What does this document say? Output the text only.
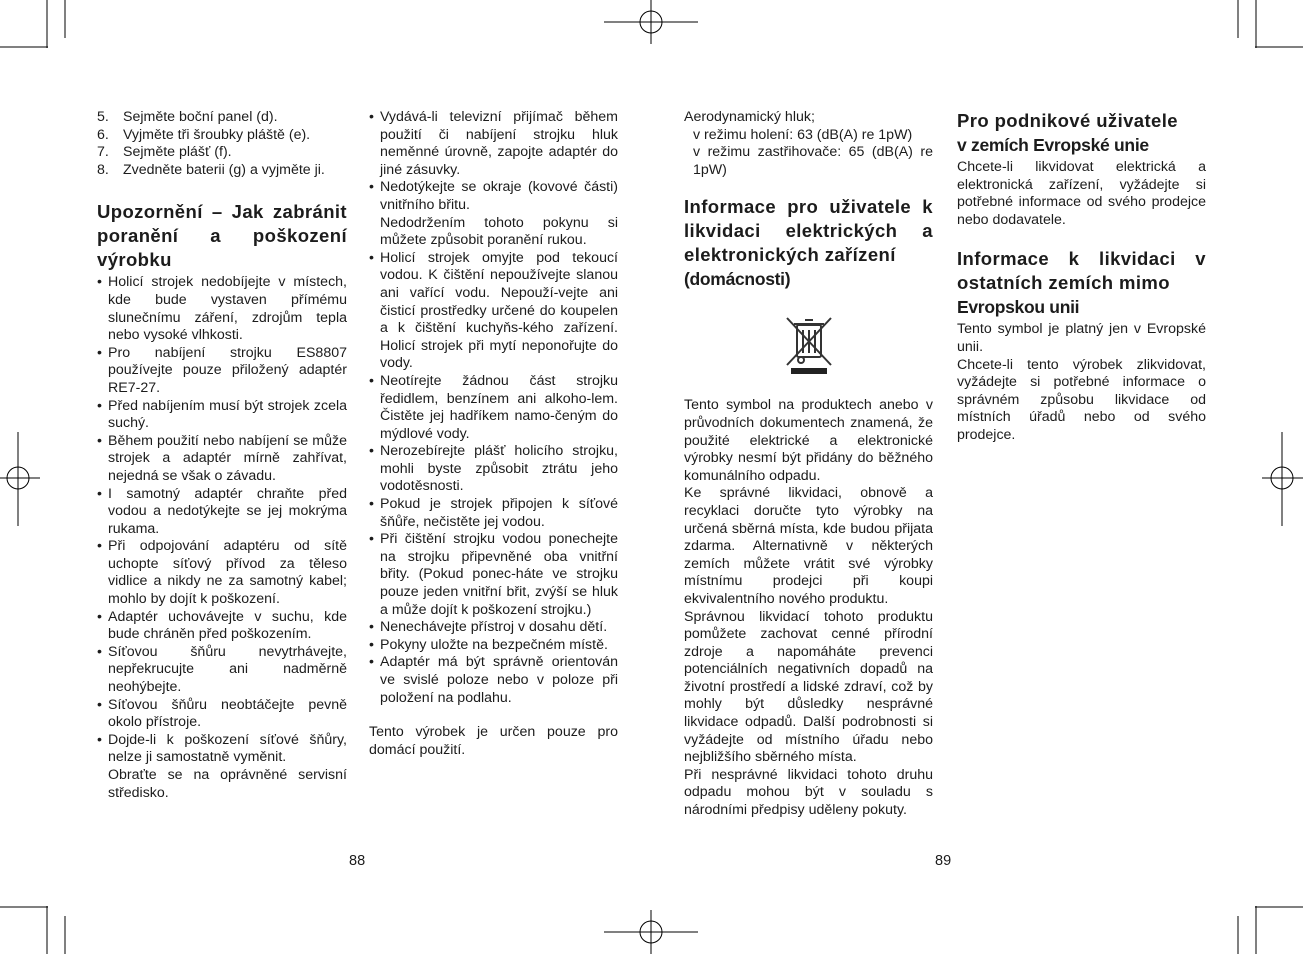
5. Sejměte boční panel (d).
6. Vyjměte tři šroubky pláště (e).
7. Sejměte plášť (f).
8. Zvedněte baterii (g) a vyjměte ji.
Upozornění – Jak zabránit poranění a poškození výrobku
• Holicí strojek nedobíjejte v místech, kde bude vystaven přímému slunečnímu záření, zdrojům tepla nebo vysoké vlhkosti.
• Pro nabíjení strojku ES8807 používejte pouze přiložený adaptér RE7-27.
• Před nabíjením musí být strojek zcela suchý.
• Během použití nebo nabíjení se může strojek a adaptér mírně zahřívat, nejedná se však o závadu.
• I samotný adaptér chraňte před vodou a nedotýkejte se jej mokrýma rukama.
• Při odpojování adaptéru od sítě uchopte síťový přívod za těleso vidlice a nikdy ne za samotný kabel; mohlo by dojít k poškození.
• Adaptér uchovávejte v suchu, kde bude chráněn před poškozením.
• Síťovou šňůru nevytrhávejte, nepřekrucujte ani nadměrně neohýbejte.
• Síťovou šňůru neobtáčejte pevně okolo přístroje.
• Dojde-li k poškození síťové šňůry, nelze ji samostatně vyměnit.

Obraťte se na oprávněné servisní středisko.

• Vydává-li televizní přijímač během použití či nabíjení strojku hluk neměnné úrovně, zapojte adaptér do jiné zásuvky.
• Nedotýkejte se okraje (kovové části) vnitřního břitu.

Nedodržením tohoto pokynu si můžete způsobit poranění rukou.

• Holicí strojek omyjte pod tekoucí vodou. K čištění nepoužívejte slanou ani vařící vodu. Nepouží-vejte ani čisticí prostředky určené do koupelen a k čištění kuchyňs-kého zařízení. Holicí strojek při mytí neponořujte do vody.
• Neotírejte žádnou část strojku ředidlem, benzínem ani alkoho-lem. Čistěte jej hadříkem namo-čeným do mýdlové vody.
• Nerozebírejte plášť holicího strojku, mohli byste způsobit ztrátu jeho vodotěsnosti.
• Pokud je strojek připojen k síťové šňůře, nečistěte jej vodou.
• Při čištění strojku vodou ponechejte na strojku připevněné oba vnitřní břity. (Pokud ponec-háte ve strojku pouze jeden vnitřní břit, zvýší se hluk a může dojít k poškození strojku.)
• Nenechávejte přístroj v dosahu dětí.
• Pokyny uložte na bezpečném místě.
• Adaptér má být správně orientován ve svislé poloze nebo v poloze při položení na podlahu.

Tento výrobek je určen pouze pro domácí použití.

88

Aerodynamický hluk;

v režimu holení: 63 (dB(A) re 1pW)

v režimu zastřihovače: 65 (dB(A) re 1pW)

Informace pro uživatele k likvidaci elektrických a elektronických zařízení
(domácnosti)

Tento symbol na produktech anebo v průvodních dokumentech znamená, že použité elektrické a elektronické výrobky nesmí být přidány do běžného komunálního odpadu.

Ke správné likvidaci, obnově a recyklaci doručte tyto výrobky na určená sběrná místa, kde budou přijata zdarma. Alternativně v některých zemích můžete vrátit své výrobky místnímu prodejci při koupi ekvivalentního nového produktu.

Správnou likvidací tohoto produktu pomůžete zachovat cenné přírodní zdroje a napomáháte prevenci potenciálních negativních dopadů na životní prostředí a lidské zdraví, což by mohly být důsledky nesprávné likvidace odpadů. Další podrobnosti si vyžádejte od místního úřadu nebo nejbližšího sběrného místa.

Při nesprávné likvidaci tohoto druhu odpadu mohou být v souladu s národními předpisy uděleny pokuty.

Pro podnikové uživatele
v zemích Evropské unie

Chcete-li likvidovat elektrická a elektronická zařízení, vyžádejte si potřebné informace od svého prodejce nebo dodavatele.

Informace k likvidaci v ostatních zemích mimo
Evropskou unii

Tento symbol je platný jen v Evropské unii.

Chcete-li tento výrobek zlikvidovat, vyžádejte si potřebné informace o správném způsobu likvidace od místních úřadů nebo od svého prodejce.

89
